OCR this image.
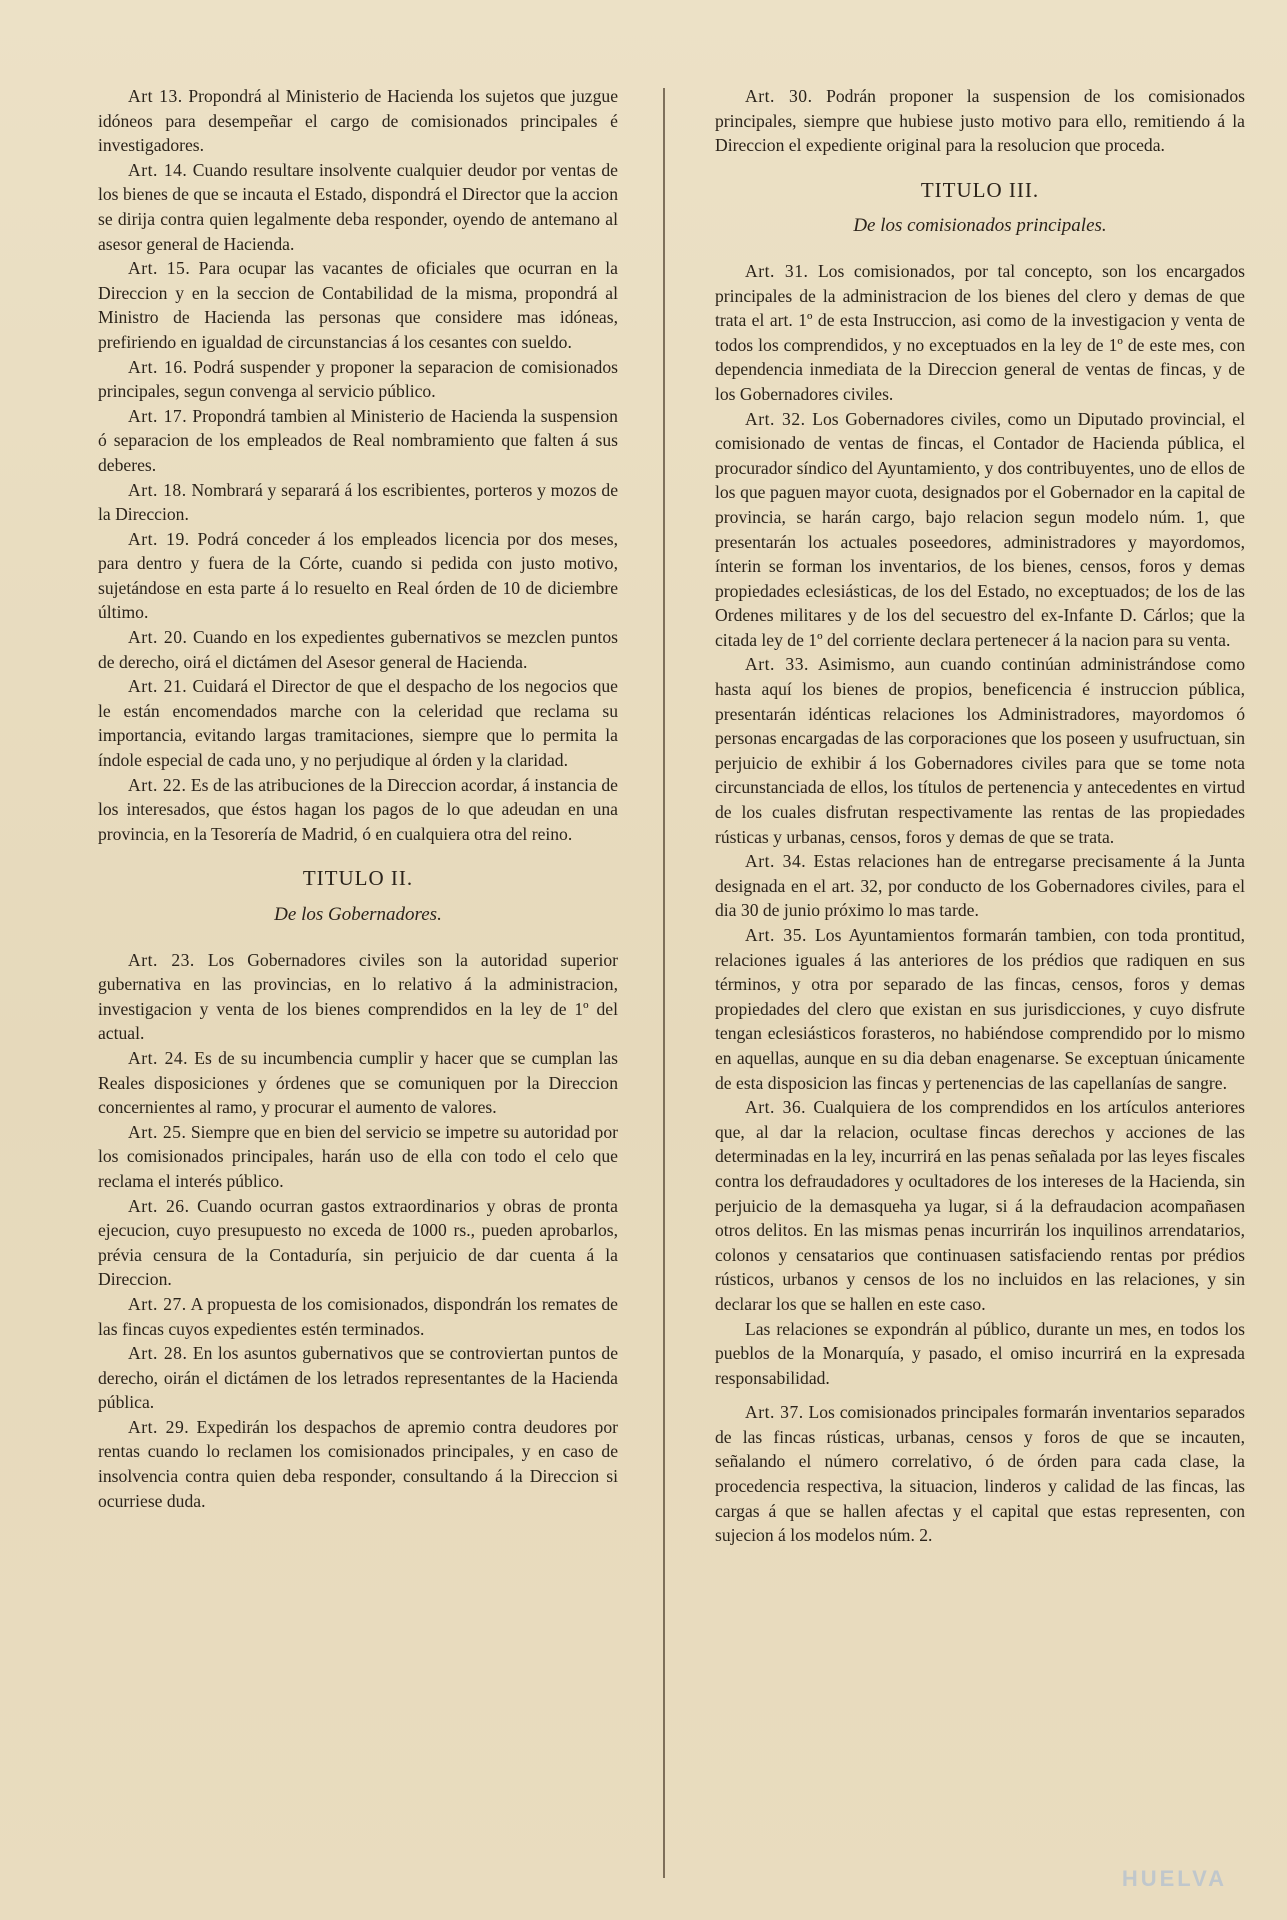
Art 13. Propondrá al Ministerio de Hacienda los sujetos que juzgue idóneos para desempeñar el cargo de comisionados principales é investigadores.

Art. 14. Cuando resultare insolvente cualquier deudor por ventas de los bienes de que se incauta el Estado, dispondrá el Director que la accion se dirija contra quien legalmente deba responder, oyendo de antemano al asesor general de Hacienda.

Art. 15. Para ocupar las vacantes de oficiales que ocurran en la Direccion y en la seccion de Contabilidad de la misma, propondrá al Ministro de Hacienda las personas que considere mas idóneas, prefiriendo en igualdad de circunstancias á los cesantes con sueldo.

Art. 16. Podrá suspender y proponer la separacion de comisionados principales, segun convenga al servicio público.

Art. 17. Propondrá tambien al Ministerio de Hacienda la suspension ó separacion de los empleados de Real nombramiento que falten á sus deberes.

Art. 18. Nombrará y separará á los escribientes, porteros y mozos de la Direccion.

Art. 19. Podrá conceder á los empleados licencia por dos meses, para dentro y fuera de la Córte, cuando si pedida con justo motivo, sujetándose en esta parte á lo resuelto en Real órden de 10 de diciembre último.

Art. 20. Cuando en los expedientes gubernativos se mezclen puntos de derecho, oirá el dictámen del Asesor general de Hacienda.

Art. 21. Cuidará el Director de que el despacho de los negocios que le están encomendados marche con la celeridad que reclama su importancia, evitando largas tramitaciones, siempre que lo permita la índole especial de cada uno, y no perjudique al órden y la claridad.

Art. 22. Es de las atribuciones de la Direccion acordar, á instancia de los interesados, que éstos hagan los pagos de lo que adeudan en una provincia, en la Tesorería de Madrid, ó en cualquiera otra del reino.

TITULO II.
De los Gobernadores.

Art. 23. Los Gobernadores civiles son la autoridad superior gubernativa en las provincias, en lo relativo á la administracion, investigacion y venta de los bienes comprendidos en la ley de 1º del actual.

Art. 24. Es de su incumbencia cumplir y hacer que se cumplan las Reales disposiciones y órdenes que se comuniquen por la Direccion concernientes al ramo, y procurar el aumento de valores.

Art. 25. Siempre que en bien del servicio se impetre su autoridad por los comisionados principales, harán uso de ella con todo el celo que reclama el interés público.

Art. 26. Cuando ocurran gastos extraordinarios y obras de pronta ejecucion, cuyo presupuesto no exceda de 1000 rs., pueden aprobarlos, prévia censura de la Contaduría, sin perjuicio de dar cuenta á la Direccion.

Art. 27. A propuesta de los comisionados, dispondrán los remates de las fincas cuyos expedientes estén terminados.

Art. 28. En los asuntos gubernativos que se controviertan puntos de derecho, oirán el dictámen de los letrados representantes de la Hacienda pública.

Art. 29. Expedirán los despachos de apremio contra deudores por rentas cuando lo reclamen los comisionados principales, y en caso de insolvencia contra quien deba responder, consultando á la Direccion si ocurriese duda.

Art. 30. Podrán proponer la suspension de los comisionados principales, siempre que hubiese justo motivo para ello, remitiendo á la Direccion el expediente original para la resolucion que proceda.

TITULO III.
De los comisionados principales.

Art. 31. Los comisionados, por tal concepto, son los encargados principales de la administracion de los bienes del clero y demas de que trata el art. 1º de esta Instruccion, asi como de la investigacion y venta de todos los comprendidos, y no exceptuados en la ley de 1º de este mes, con dependencia inmediata de la Direccion general de ventas de fincas, y de los Gobernadores civiles.

Art. 32. Los Gobernadores civiles, como un Diputado provincial, el comisionado de ventas de fincas, el Contador de Hacienda pública, el procurador síndico del Ayuntamiento, y dos contribuyentes, uno de ellos de los que paguen mayor cuota, designados por el Gobernador en la capital de provincia, se harán cargo, bajo relacion segun modelo núm. 1, que presentarán los actuales poseedores, administradores y mayordomos, ínterin se forman los inventarios, de los bienes, censos, foros y demas propiedades eclesiásticas, de los del Estado, no exceptuados; de los de las Ordenes militares y de los del secuestro del ex-Infante D. Cárlos; que la citada ley de 1º del corriente declara pertenecer á la nacion para su venta.

Art. 33. Asimismo, aun cuando continúan administrándose como hasta aquí los bienes de propios, beneficencia é instruccion pública, presentarán idénticas relaciones los Administradores, mayordomos ó personas encargadas de las corporaciones que los poseen y usufructuan, sin perjuicio de exhibir á los Gobernadores civiles para que se tome nota circunstanciada de ellos, los títulos de pertenencia y antecedentes en virtud de los cuales disfrutan respectivamente las rentas de las propiedades rústicas y urbanas, censos, foros y demas de que se trata.

Art. 34. Estas relaciones han de entregarse precisamente á la Junta designada en el art. 32, por conducto de los Gobernadores civiles, para el dia 30 de junio próximo lo mas tarde.

Art. 35. Los Ayuntamientos formarán tambien, con toda prontitud, relaciones iguales á las anteriores de los prédios que radiquen en sus términos, y otra por separado de las fincas, censos, foros y demas propiedades del clero que existan en sus jurisdicciones, y cuyo disfrute tengan eclesiásticos forasteros, no habiéndose comprendido por lo mismo en aquellas, aunque en su dia deban enagenarse. Se exceptuan únicamente de esta disposicion las fincas y pertenencias de las capellanías de sangre.

Art. 36. Cualquiera de los comprendidos en los artículos anteriores que, al dar la relacion, ocultase fincas derechos y acciones de las determinadas en la ley, incurrirá en las penas señalada por las leyes fiscales contra los defraudadores y ocultadores de los intereses de la Hacienda, sin perjuicio de la demasqueha ya lugar, si á la defraudacion acompañasen otros delitos. En las mismas penas incurrirán los inquilinos arrendatarios, colonos y censatarios que continuasen satisfaciendo rentas por prédios rústicos, urbanos y censos de los no incluidos en las relaciones, y sin declarar los que se hallen en este caso.

Las relaciones se expondrán al público, durante un mes, en todos los pueblos de la Monarquía, y pasado, el omiso incurrirá en la expresada responsabilidad.

Art. 37. Los comisionados principales formarán inventarios separados de las fincas rústicas, urbanas, censos y foros de que se incauten, señalando el número correlativo, ó de órden para cada clase, la procedencia respectiva, la situacion, linderos y calidad de las fincas, las cargas á que se hallen afectas y el capital que estas representen, con sujecion á los modelos núm. 2.

HUELVA
